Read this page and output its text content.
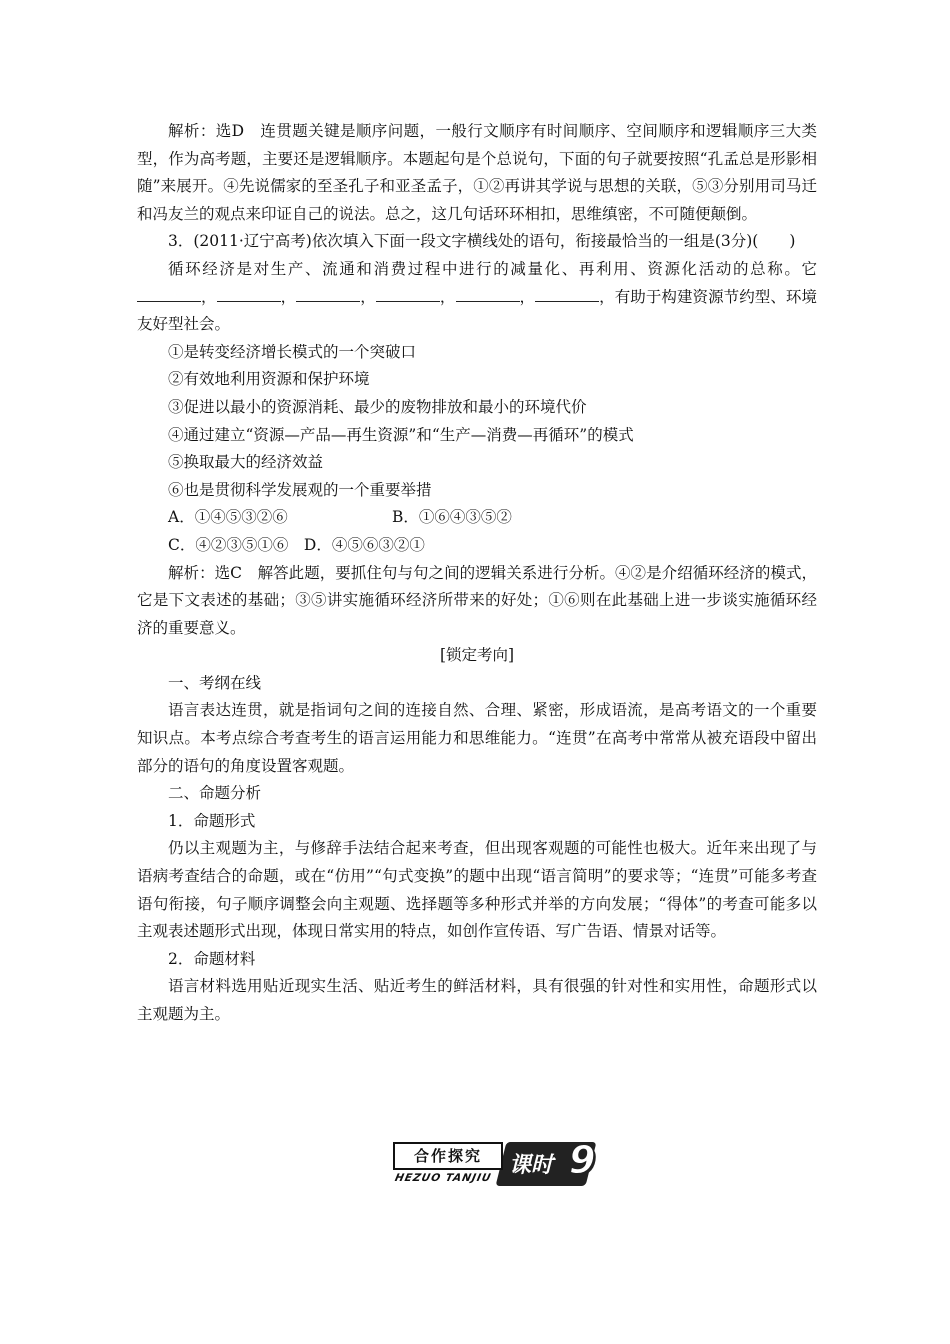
解析：选D　连贯题关键是顺序问题，一般行文顺序有时间顺序、空间顺序和逻辑顺序三大类型，作为高考题，主要还是逻辑顺序。本题起句是个总说句，下面的句子就要按照“孔孟总是形影相随”来展开。④先说儒家的至圣孔子和亚圣孟子，①②再讲其学说与思想的关联，⑤③分别用司马迁和冯友兰的观点来印证自己的说法。总之，这几句话环环相扣，思维缜密，不可随便颠倒。

3．(2011·辽宁高考)依次填入下面一段文字横线处的语句，衔接最恰当的一组是(3分)(　　)

循环经济是对生产、流通和消费过程中进行的减量化、再利用、资源化活动的总称。它，	，	，	，	，	，有助于构建资源节约型、环境友好型社会。

①是转变经济增长模式的一个突破口

②有效地利用资源和保护环境

③促进以最小的资源消耗、最少的废物排放和最小的环境代价

④通过建立“资源—产品—再生资源”和“生产—消费—再循环”的模式

⑤换取最大的经济效益

⑥也是贯彻科学发展观的一个重要举措

A．①④⑤③②⑥	B．①⑥④③⑤②

C．④②③⑤①⑥　 D．④⑤⑥③②①

解析：选C　解答此题，要抓住句与句之间的逻辑关系进行分析。④②是介绍循环经济的模式，它是下文表述的基础；③⑤讲实施循环经济所带来的好处；①⑥则在此基础上进一步谈实施循环经济的重要意义。

[锁定考向]

一、考纲在线

语言表达连贯，就是指词句之间的连接自然、合理、紧密，形成语流，是高考语文的一个重要知识点。本考点综合考查考生的语言运用能力和思维能力。“连贯”在高考中常常从被充语段中留出部分的语句的角度设置客观题。

二、命题分析

1．命题形式

仍以主观题为主，与修辞手法结合起来考查，但出现客观题的可能性也极大。近年来出现了与语病考查结合的命题，或在“仿用”“句式变换”的题中出现“语言简明”的要求等；“连贯”可能多考查语句衔接，句子顺序调整会向主观题、选择题等多种形式并举的方向发展；“得体”的考查可能多以主观表述题形式出现，体现日常实用的特点，如创作宣传语、写广告语、情景对话等。

2．命题材料

语言材料选用贴近现实生活、贴近考生的鲜活材料，具有很强的针对性和实用性，命题形式以主观题为主。

合作探究
HEZUO TANJIU 课时 9
